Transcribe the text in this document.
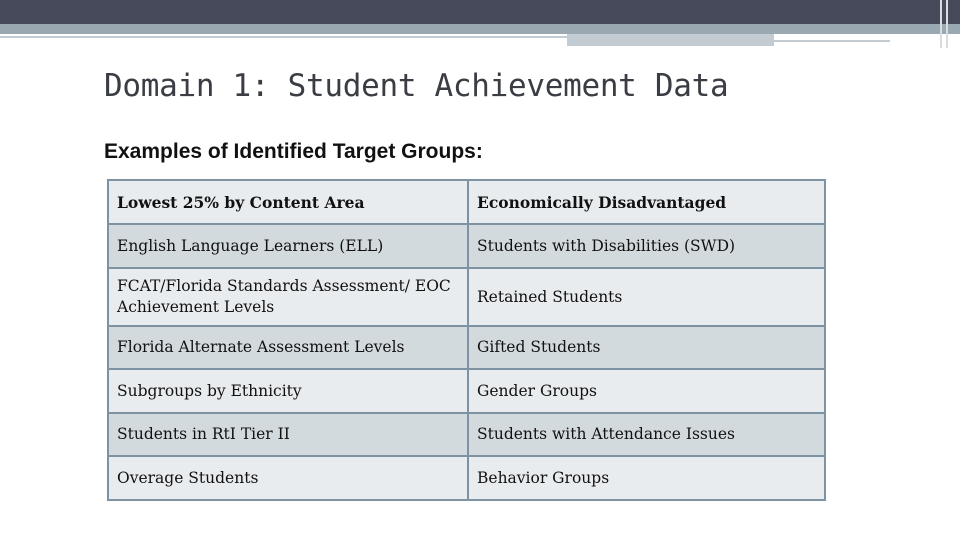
Domain 1: Student Achievement Data
Examples of Identified Target Groups:
Lowest 25% by Content Area	Economically Disadvantaged
English Language Learners (ELL)	Students with Disabilities (SWD)
FCAT/Florida Standards Assessment/ EOC Achievement Levels	Retained Students
Florida Alternate Assessment Levels	Gifted Students
Subgroups by Ethnicity	Gender Groups
Students in RtI Tier II	Students with Attendance Issues
Overage Students	Behavior Groups
